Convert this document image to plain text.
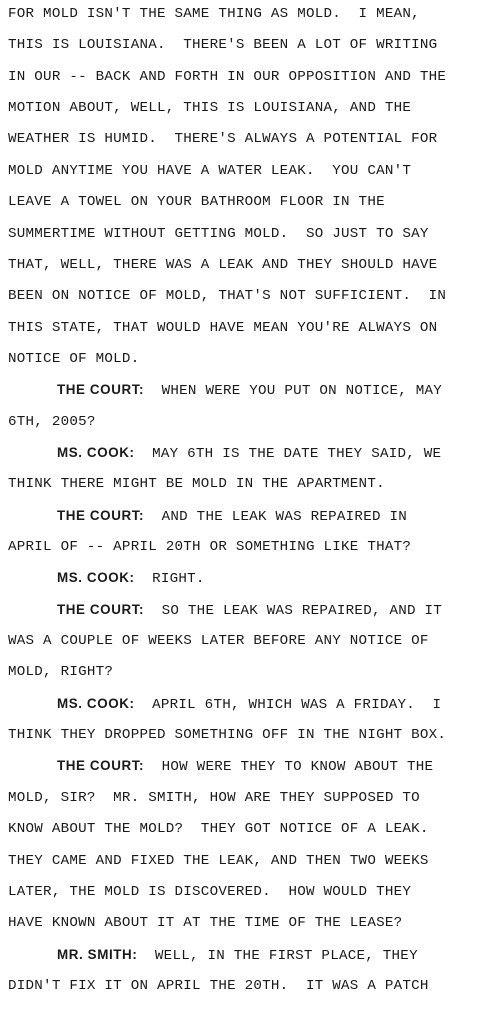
FOR MOLD ISN'T THE SAME THING AS MOLD.  I MEAN,
THIS IS LOUISIANA.  THERE'S BEEN A LOT OF WRITING
IN OUR -- BACK AND FORTH IN OUR OPPOSITION AND THE
MOTION ABOUT, WELL, THIS IS LOUISIANA, AND THE
WEATHER IS HUMID.  THERE'S ALWAYS A POTENTIAL FOR
MOLD ANYTIME YOU HAVE A WATER LEAK.  YOU CAN'T
LEAVE A TOWEL ON YOUR BATHROOM FLOOR IN THE
SUMMERTIME WITHOUT GETTING MOLD.  SO JUST TO SAY
THAT, WELL, THERE WAS A LEAK AND THEY SHOULD HAVE
BEEN ON NOTICE OF MOLD, THAT'S NOT SUFFICIENT.  IN
THIS STATE, THAT WOULD HAVE MEAN YOU'RE ALWAYS ON
NOTICE OF MOLD.
THE COURT: WHEN WERE YOU PUT ON NOTICE, MAY
6TH, 2005?
MS. COOK: MAY 6TH IS THE DATE THEY SAID, WE
THINK THERE MIGHT BE MOLD IN THE APARTMENT.
THE COURT: AND THE LEAK WAS REPAIRED IN
APRIL OF -- APRIL 20TH OR SOMETHING LIKE THAT?
MS. COOK: RIGHT.
THE COURT: SO THE LEAK WAS REPAIRED, AND IT
WAS A COUPLE OF WEEKS LATER BEFORE ANY NOTICE OF
MOLD, RIGHT?
MS. COOK: APRIL 6TH, WHICH WAS A FRIDAY.  I
THINK THEY DROPPED SOMETHING OFF IN THE NIGHT BOX.
THE COURT: HOW WERE THEY TO KNOW ABOUT THE
MOLD, SIR?  MR. SMITH, HOW ARE THEY SUPPOSED TO
KNOW ABOUT THE MOLD?  THEY GOT NOTICE OF A LEAK.
THEY CAME AND FIXED THE LEAK, AND THEN TWO WEEKS
LATER, THE MOLD IS DISCOVERED.  HOW WOULD THEY
HAVE KNOWN ABOUT IT AT THE TIME OF THE LEASE?
MR. SMITH: WELL, IN THE FIRST PLACE, THEY
DIDN'T FIX IT ON APRIL THE 20TH.  IT WAS A PATCH
